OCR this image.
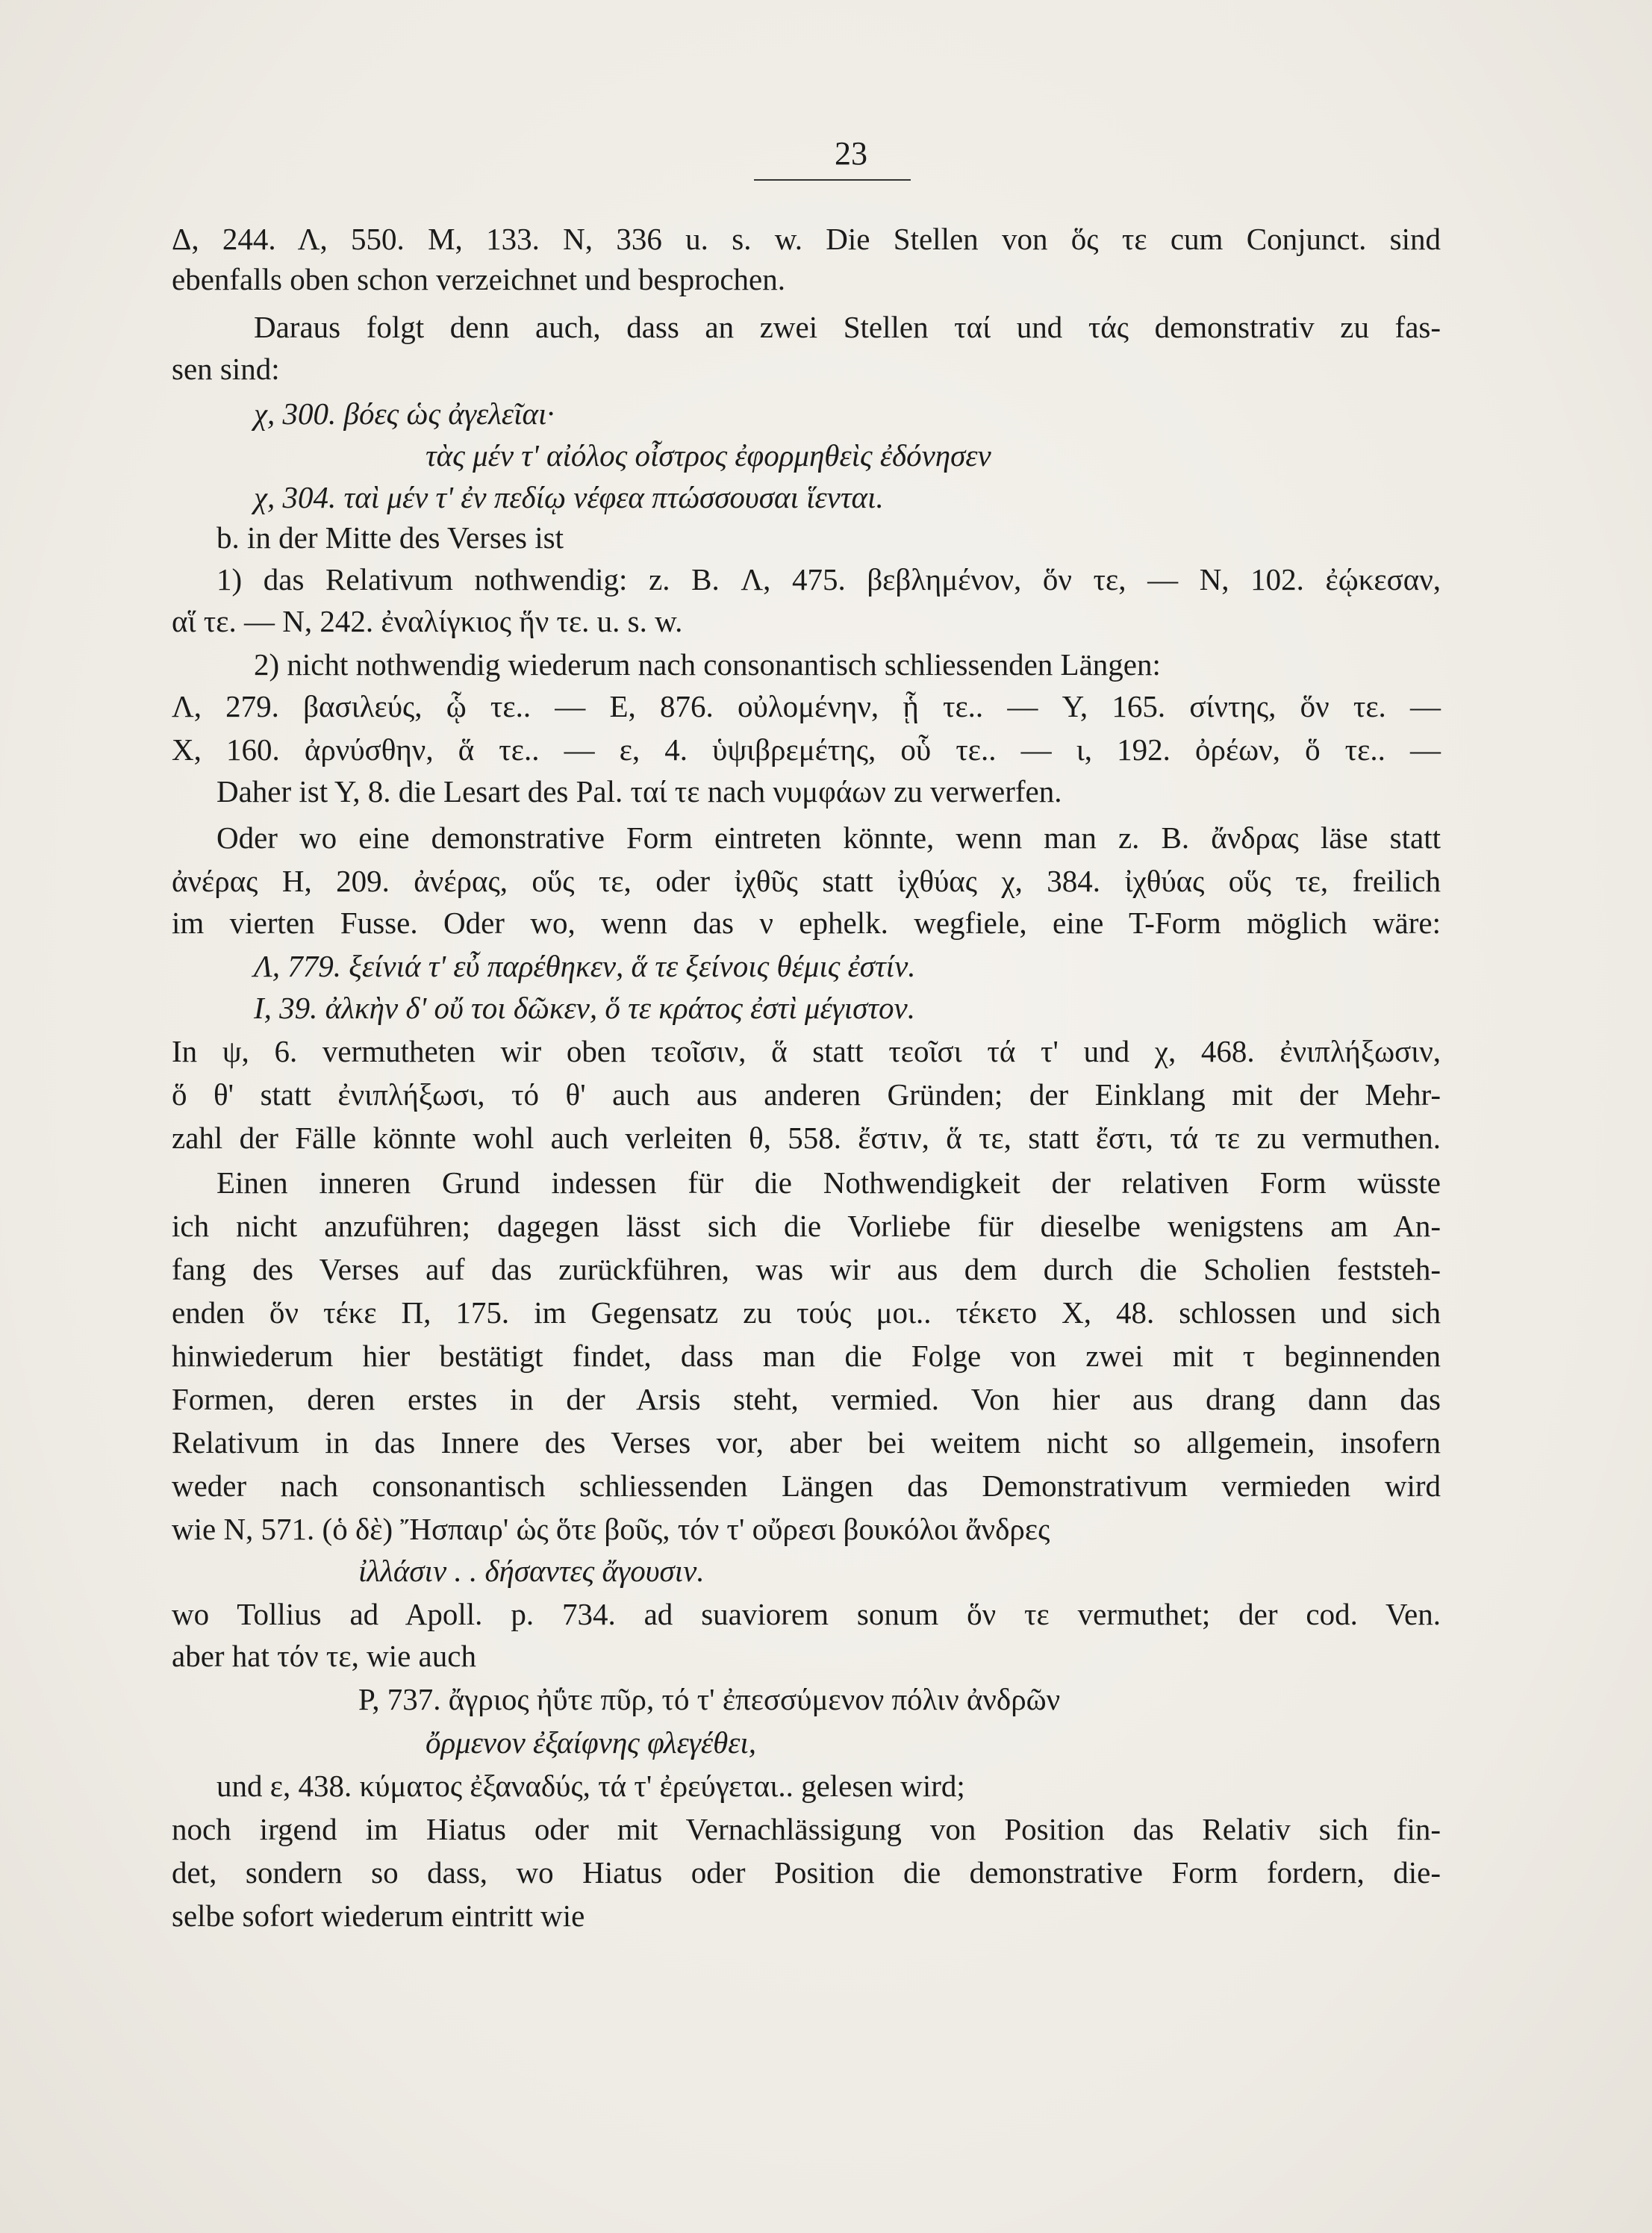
23
Δ, 244. Λ, 550. M, 133. N, 336 u. s. w. Die Stellen von ὅς τε cum Conjunct. sind
ebenfalls oben schon verzeichnet und besprochen.
Daraus folgt denn auch, dass an zwei Stellen ταί und τάς demonstrativ zu fas-
sen sind:
χ, 300. βόες ὡς ἀγελεῖαι·
τὰς μέν τ' αἰόλος οἶστρος ἐφορμηθεὶς ἐδόνησεν
χ, 304. ταὶ μέν τ' ἐν πεδίῳ νέφεα πτώσσουσαι ἵενται.
b. in der Mitte des Verses ist
1) das Relativum nothwendig: z. B. Λ, 475. βεβλημένον, ὅν τε, — N, 102. ἐῴκεσαν,
αἵ τε. — N, 242. ἐναλίγκιος ἥν τε. u. s. w.
2) nicht nothwendig wiederum nach consonantisch schliessenden Längen:
Λ, 279. βασιλεύς, ᾧ τε.. — E, 876. οὐλομένην, ᾗ τε.. — Y, 165. σίντης, ὅν τε. —
X, 160. ἀρνύσθην, ἅ τε.. — ε, 4. ὑψιβρεμέτης, οὗ τε.. — ι, 192. ὀρέων, ὅ τε.. —
Daher ist Y, 8. die Lesart des Pal. ταί τε nach νυμφάων zu verwerfen.
Oder wo eine demonstrative Form eintreten könnte, wenn man z. B. ἄνδρας läse statt
ἀνέρας H, 209. ἀνέρας, οὕς τε, oder ἰχθῦς statt ἰχθύας χ, 384. ἰχθύας οὕς τε, freilich
im vierten Fusse. Oder wo, wenn das ν ephelk. wegfiele, eine T-Form möglich wäre:
Λ, 779. ξείνιά τ' εὖ παρέθηκεν, ἅ τε ξείνοις θέμις ἐστίν.
I, 39. ἀλκὴν δ' οὔ τοι δῶκεν, ὅ τε κράτος ἐστὶ μέγιστον.
In ψ, 6. vermutheten wir oben τεοῖσιν, ἅ statt τεοῖσι τά τ' und χ, 468. ἐνιπλήξωσιν,
ὅ θ' statt ἐνιπλήξωσι, τό θ' auch aus anderen Gründen; der Einklang mit der Mehr-
zahl der Fälle könnte wohl auch verleiten θ, 558. ἔστιν, ἅ τε, statt ἔστι, τά τε zu vermuthen.
Einen inneren Grund indessen für die Nothwendigkeit der relativen Form wüsste
ich nicht anzuführen; dagegen lässt sich die Vorliebe für dieselbe wenigstens am An-
fang des Verses auf das zurückführen, was wir aus dem durch die Scholien feststeh-
enden ὅν τέκε Π, 175. im Gegensatz zu τούς μοι.. τέκετο X, 48. schlossen und sich
hinwiederum hier bestätigt findet, dass man die Folge von zwei mit τ beginnenden
Formen, deren erstes in der Arsis steht, vermied. Von hier aus drang dann das
Relativum in das Innere des Verses vor, aber bei weitem nicht so allgemein, insofern
weder nach consonantisch schliessenden Längen das Demonstrativum vermieden wird
wie N, 571. (ὁ δὲ) Ἤσπαιρ' ὡς ὅτε βοῦς, τόν τ' οὔρεσι βουκόλοι ἄνδρες
ἰλλάσιν . . δήσαντες ἄγουσιν.
wo Tollius ad Apoll. p. 734. ad suaviorem sonum ὅν τε vermuthet; der cod. Ven.
aber hat τόν τε, wie auch
P, 737. ἄγριος ἠΰτε πῦρ, τό τ' ἐπεσσύμενον πόλιν ἀνδρῶν
ὄρμενον ἐξαίφνης φλεγέθει,
und ε, 438. κύματος ἐξαναδύς, τά τ' ἐρεύγεται.. gelesen wird;
noch irgend im Hiatus oder mit Vernachlässigung von Position das Relativ sich fin-
det, sondern so dass, wo Hiatus oder Position die demonstrative Form fordern, die-
selbe sofort wiederum eintritt wie
